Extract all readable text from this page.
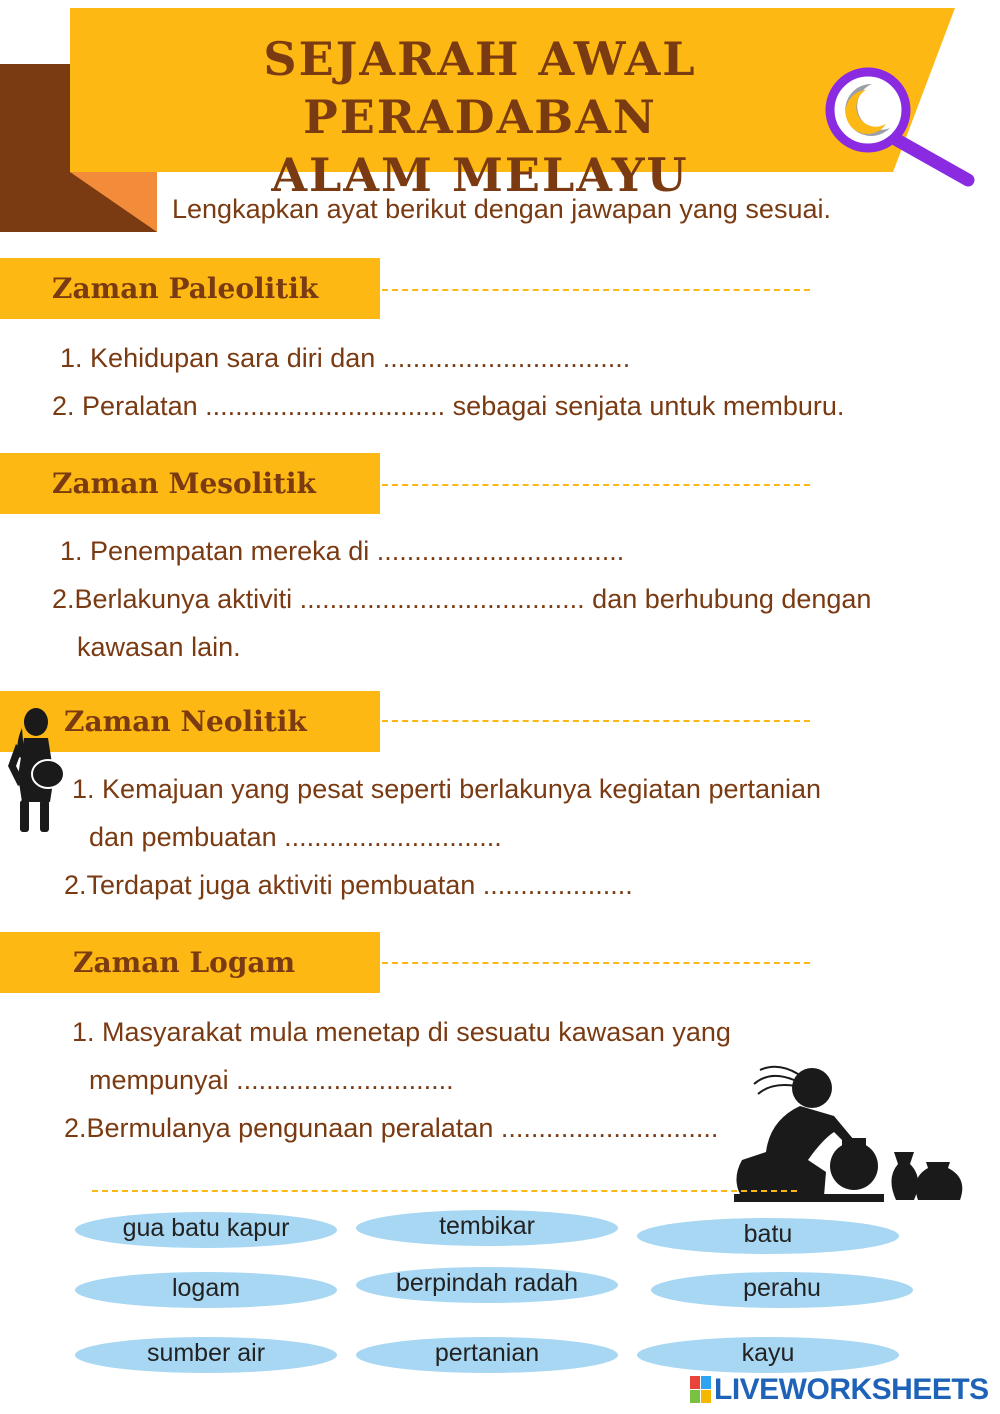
SEJARAH AWAL PERADABAN
ALAM MELAYU
Lengkapkan ayat berikut dengan jawapan yang sesuai.
Zaman Paleolitik
1. Kehidupan sara diri dan .................................
2. Peralatan ................................ sebagai senjata untuk memburu.
Zaman Mesolitik
1. Penempatan mereka di .................................
2.Berlakunya aktiviti ...................................... dan berhubung dengan
kawasan lain.
Zaman Neolitik
1. Kemajuan yang pesat seperti berlakunya kegiatan pertanian
dan pembuatan .............................
2.Terdapat juga aktiviti pembuatan ....................
Zaman Logam
1. Masyarakat mula menetap di sesuatu kawasan yang
mempunyai .............................
2.Bermulanya pengunaan peralatan .............................
gua batu kapur	tembikar	batu
logam	berpindah radah	perahu
sumber air	pertanian	kayu
LIVEWORKSHEETS
